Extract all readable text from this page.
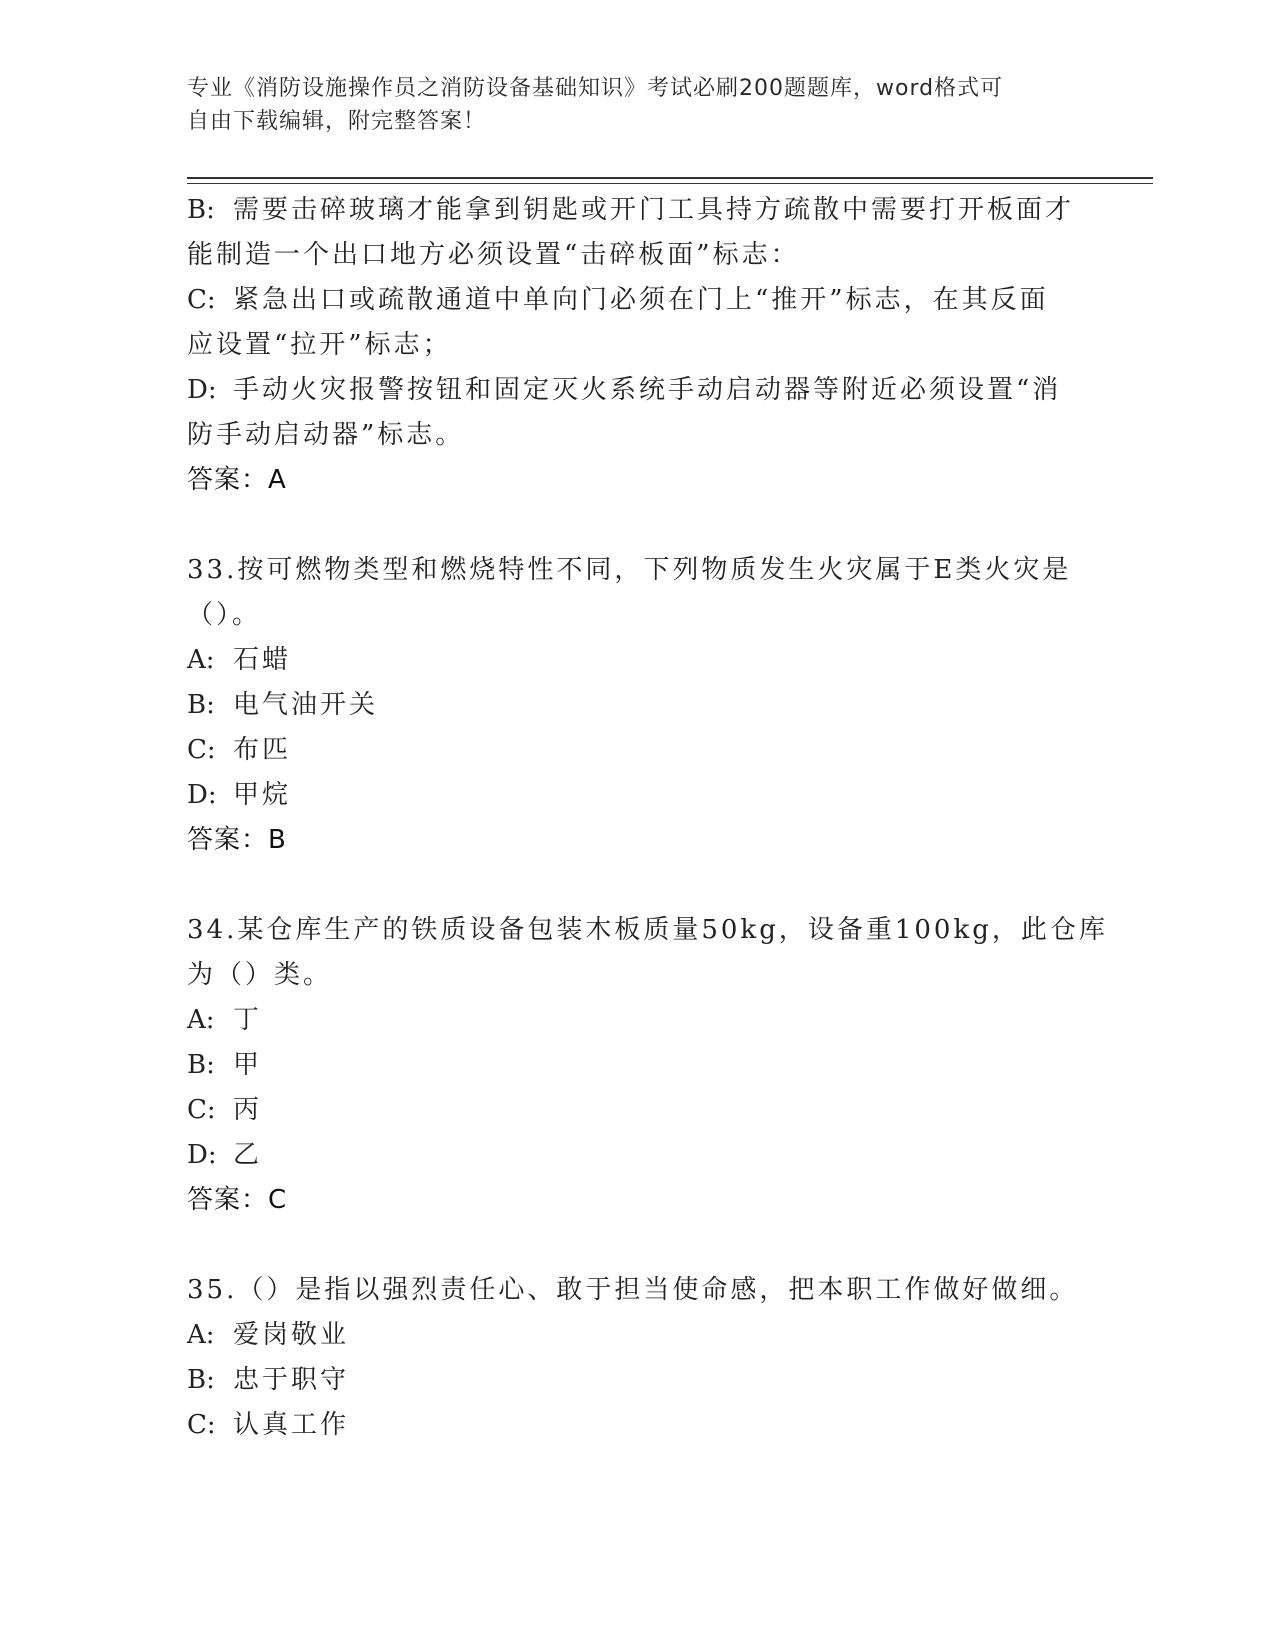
专业《消防设施操作员之消防设备基础知识》考试必刷200题题库，word格式可
自由下载编辑，附完整答案！
B: 需要击碎玻璃才能拿到钥匙或开门工具持方疏散中需要打开板面才
能制造一个出口地方必须设置“击碎板面”标志：
C: 紧急出口或疏散通道中单向门必须在门上“推开”标志，在其反面
应设置“拉开”标志；
D: 手动火灾报警按钮和固定灭火系统手动启动器等附近必须设置“消
防手动启动器”标志。
答案：A
33.按可燃物类型和燃烧特性不同，下列物质发生火灾属于E类火灾是
（）。
A: 石蜡
B: 电气油开关
C: 布匹
D: 甲烷
答案：B
34.某仓库生产的铁质设备包装木板质量50kg，设备重100kg，此仓库
为（）类。
A: 丁
B: 甲
C: 丙
D: 乙
答案：C
35.（）是指以强烈责任心、敢于担当使命感，把本职工作做好做细。
A: 爱岗敬业
B: 忠于职守
C: 认真工作
